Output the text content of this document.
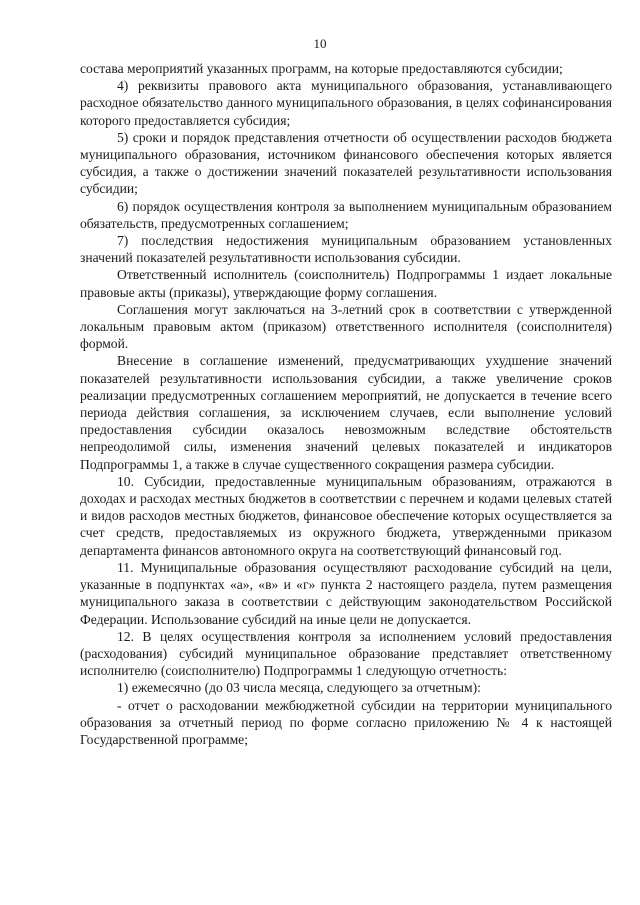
10

состава мероприятий указанных программ, на которые предоставляются субсидии;

4) реквизиты правового акта муниципального образования, устанавливающего расходное обязательство данного муниципального образования, в целях софинансирования которого предоставляется субсидия;

5) сроки и порядок представления отчетности об осуществлении расходов бюджета муниципального образования, источником финансового обеспечения которых является субсидия, а также о достижении значений показателей результативности использования субсидии;

6) порядок осуществления контроля за выполнением муниципальным образованием обязательств, предусмотренных соглашением;

7) последствия недостижения муниципальным образованием установленных значений показателей результативности использования субсидии.

Ответственный исполнитель (соисполнитель) Подпрограммы 1 издает локальные правовые акты (приказы), утверждающие форму соглашения.

Соглашения могут заключаться на 3-летний срок в соответствии с утвержденной локальным правовым актом (приказом) ответственного исполнителя (соисполнителя) формой.

Внесение в соглашение изменений, предусматривающих ухудшение значений показателей результативности использования субсидии, а также увеличение сроков реализации предусмотренных соглашением мероприятий, не допускается в течение всего периода действия соглашения, за исключением случаев, если выполнение условий предоставления субсидии оказалось невозможным вследствие обстоятельств непреодолимой силы, изменения значений целевых показателей и индикаторов Подпрограммы 1, а также в случае существенного сокращения размера субсидии.

10. Субсидии, предоставленные муниципальным образованиям, отражаются в доходах и расходах местных бюджетов в соответствии с перечнем и кодами целевых статей и видов расходов местных бюджетов, финансовое обеспечение которых осуществляется за счет средств, предоставляемых из окружного бюджета, утвержденными приказом департамента финансов автономного округа на соответствующий финансовый год.

11. Муниципальные образования осуществляют расходование субсидий на цели, указанные в подпунктах «а», «в» и «г» пункта 2 настоящего раздела, путем размещения муниципального заказа в соответствии с действующим законодательством Российской Федерации. Использование субсидий на иные цели не допускается.

12. В целях осуществления контроля за исполнением условий предоставления (расходования) субсидий муниципальное образование представляет ответственному исполнителю (соисполнителю) Подпрограммы 1 следующую отчетность:

1) ежемесячно (до 03 числа месяца, следующего за отчетным):

- отчет о расходовании межбюджетной субсидии на территории муниципального образования за отчетный период по форме согласно приложению № 4 к настоящей Государственной программе;
